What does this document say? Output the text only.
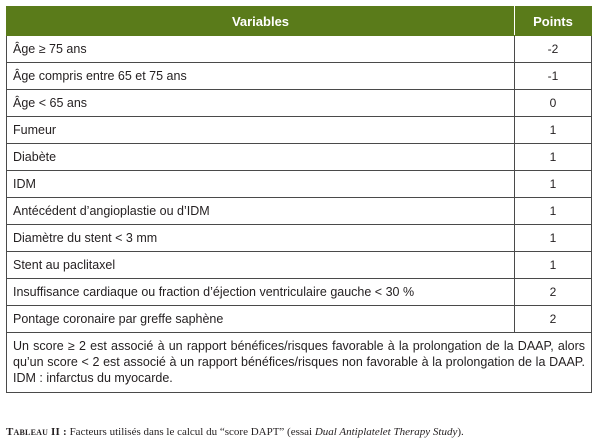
Variables	Points
Âge ≥ 75 ans	-2
Âge compris entre 65 et 75 ans	-1
Âge < 65 ans	0
Fumeur	1
Diabète	1
IDM	1
Antécédent d’angioplastie ou d’IDM	1
Diamètre du stent < 3 mm	1
Stent au paclitaxel	1
Insuffisance cardiaque ou fraction d’éjection ventriculaire gauche < 30 %	2
Pontage coronaire par greffe saphène	2
Un score ≥ 2 est associé à un rapport bénéfices/risques favorable à la prolongation de la DAAP, alors qu’un score < 2 est associé à un rapport bénéfices/risques non favorable à la prolongation de la DAAP. IDM : infarctus du myocarde.	
Tableau II : Facteurs utilisés dans le calcul du “score DAPT” (essai Dual Antiplatelet Therapy Study).
